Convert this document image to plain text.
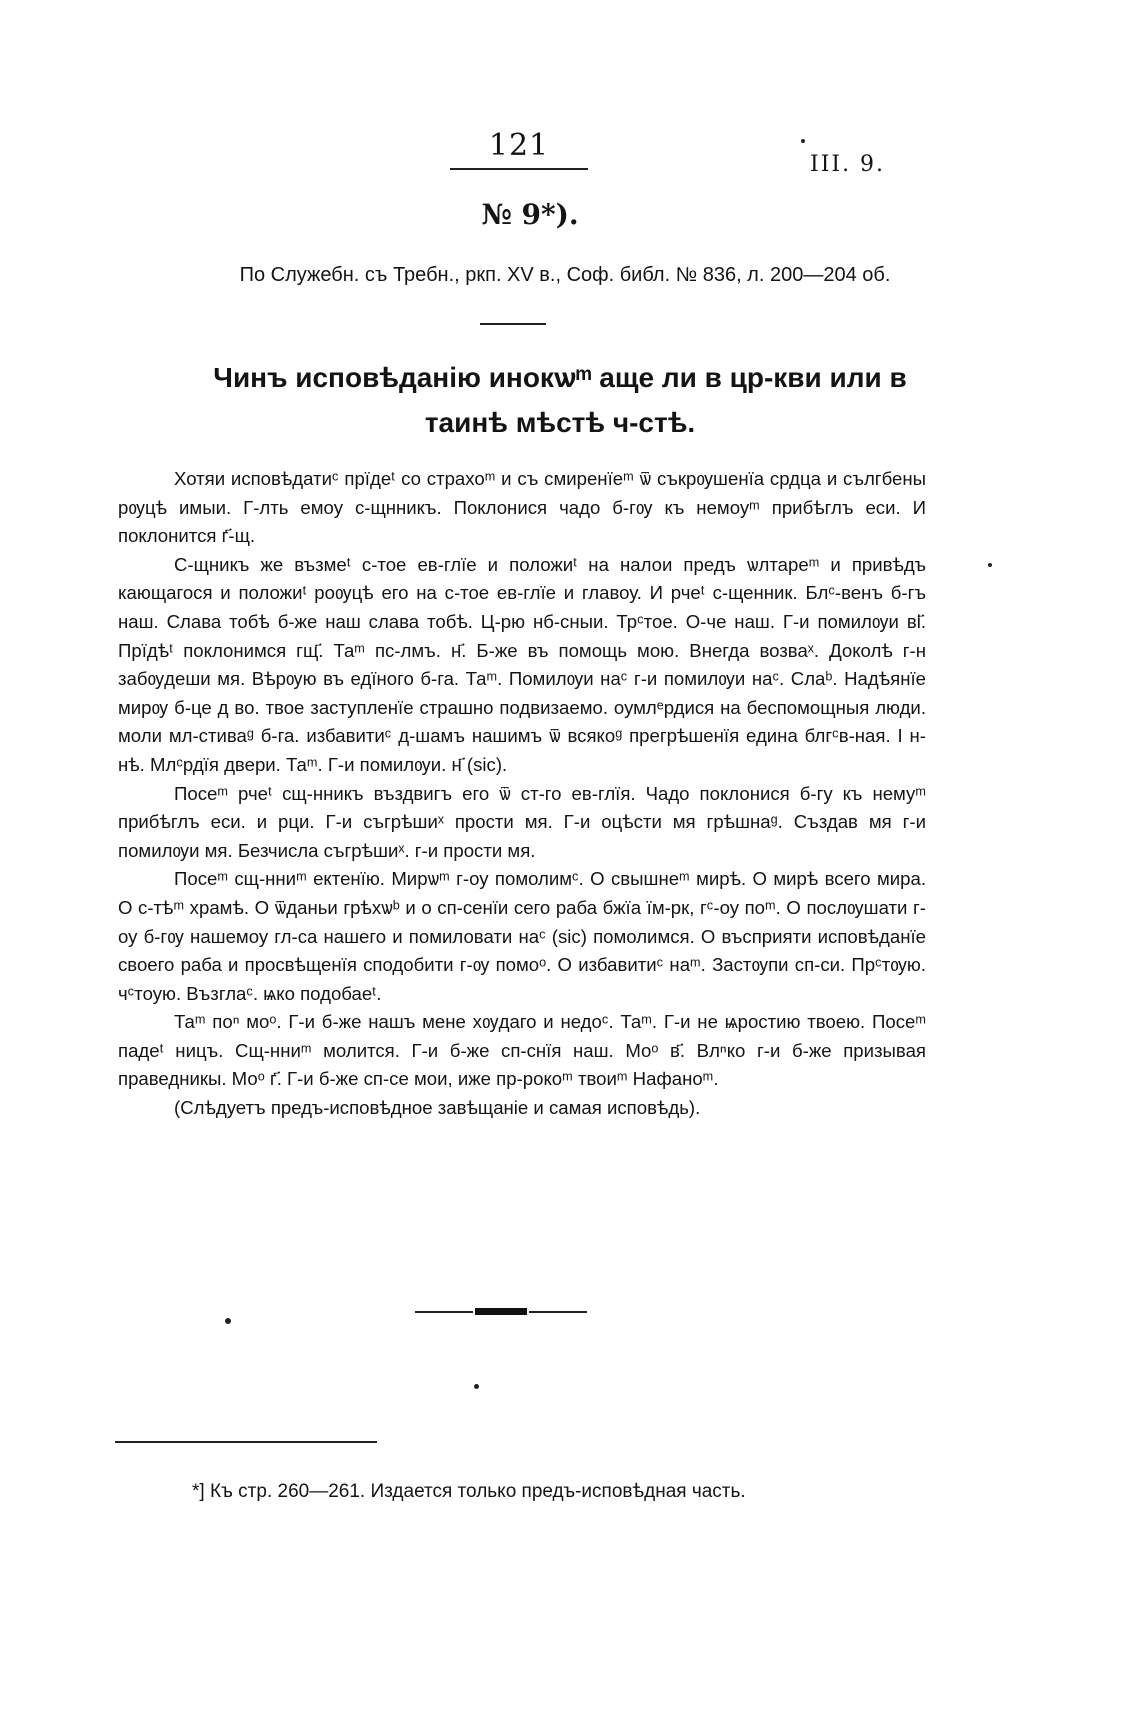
121
III. 9.
№ 9*).
По Служебн. съ Требн., ркп. XV в., Соф. библ. № 836, л. 200—204 об.
Чинъ исповѣданію инокѡᵐ аще ли в цр-кви или в
таинѣ мѣстѣ ч-стѣ.

Хотяи исповѣдатиᶜ прїдеᵗ со страхоᵐ и съ смиренїеᵐ ѿ съкрѹшенїа срдца и сългбены рѹцѣ имыи. Г-лть емоу с-щнникъ. Поклонися чадо б-гѹ къ немоуᵐ прибѣглъ еси. И поклонится г҃-щ.

С-щникъ же възмеᵗ с-тое ев-глїе и положиᵗ на налои предъ ѡлтареᵐ и привѣдъ кающагося и положиᵗ роѹцѣ его на с-тое ев-глїе и главоу. И рчеᵗ с-щенник. Блᶜ-венъ б-гъ наш. Слава тобѣ б-же наш слава тобѣ. Ц-рю нб-сныи. Трᶜтое. О-че наш. Г-и помилѹи ві҃. Прїдѣᵗ поклонимся гщ҃. Таᵐ пс-лмъ. н҃. Б-же въ помощь мою. Внегда возваˣ. Доколѣ г-н забѹдеши мя. Вѣрѹю въ едїного б-га. Таᵐ. Помилѹи наᶜ г-и помилѹи наᶜ. Слаᵇ. Надѣянїе мирѹ б-це д во. твое заступленїе страшно подвизаемо. оумлᵉрдися на беспомощныя люди. моли мл-стиваᵍ б-га. избавитиᶜ д-шамъ нашимъ ѿ всякоᵍ прегрѣшенїя едина блгᶜв-ная. І н-нѣ. Млᶜрдїя двери. Таᵐ. Г-и помилѹи. н҃ (sic).

Посеᵐ рчеᵗ сщ-нникъ въздвигъ его ѿ ст-го ев-глїя. Чадо поклонися б-гу къ немуᵐ прибѣглъ еси. и рци. Г-и съгрѣшиˣ прости мя. Г-и оцѣсти мя грѣшнаᵍ. Създав мя г-и помилѹи мя. Безчисла съгрѣшиˣ. г-и прости мя.

Посеᵐ сщ-нниᵐ ектенїю. Мирѡᵐ г-оу помолимᶜ. О свышнеᵐ мирѣ. О мирѣ всего мира. О с-тѣᵐ храмѣ. О ѿданьи грѣхѡᵇ и о сп-сенїи сего раба бжїа їм-рк, гᶜ-оу поᵐ. О послѹшати г-оу б-гѹ нашемоу гл-са нашего и помиловати наᶜ (sic) помолимся. О въсприяти исповѣданїе своего раба и просвѣщенїя сподобити г-ѹ помоᵒ. О избавитиᶜ наᵐ. Застѹпи сп-си. Прᶜтѹю. чᶜтоую. Възглаᶜ. ѩко подобаеᵗ.

Таᵐ поⁿ моᵒ. Г-и б-же нашъ мене хѹдаго и недоᶜ. Таᵐ. Г-и не ѩростию твоею. Посеᵐ падеᵗ ницъ. Сщ-нниᵐ молится. Г-и б-же сп-снїя наш. Моᵒ в҃. Влⁿко г-и б-же призывая праведникы. Моᵒ г҃. Г-и б-же сп-се мои, иже пр-рокоᵐ твоиᵐ Нафаноᵐ.

(Слѣдуетъ предъ-исповѣдное завѣщаніе и самая исповѣдь).

*] Къ стр. 260—261. Издается только предъ-исповѣдная часть.
